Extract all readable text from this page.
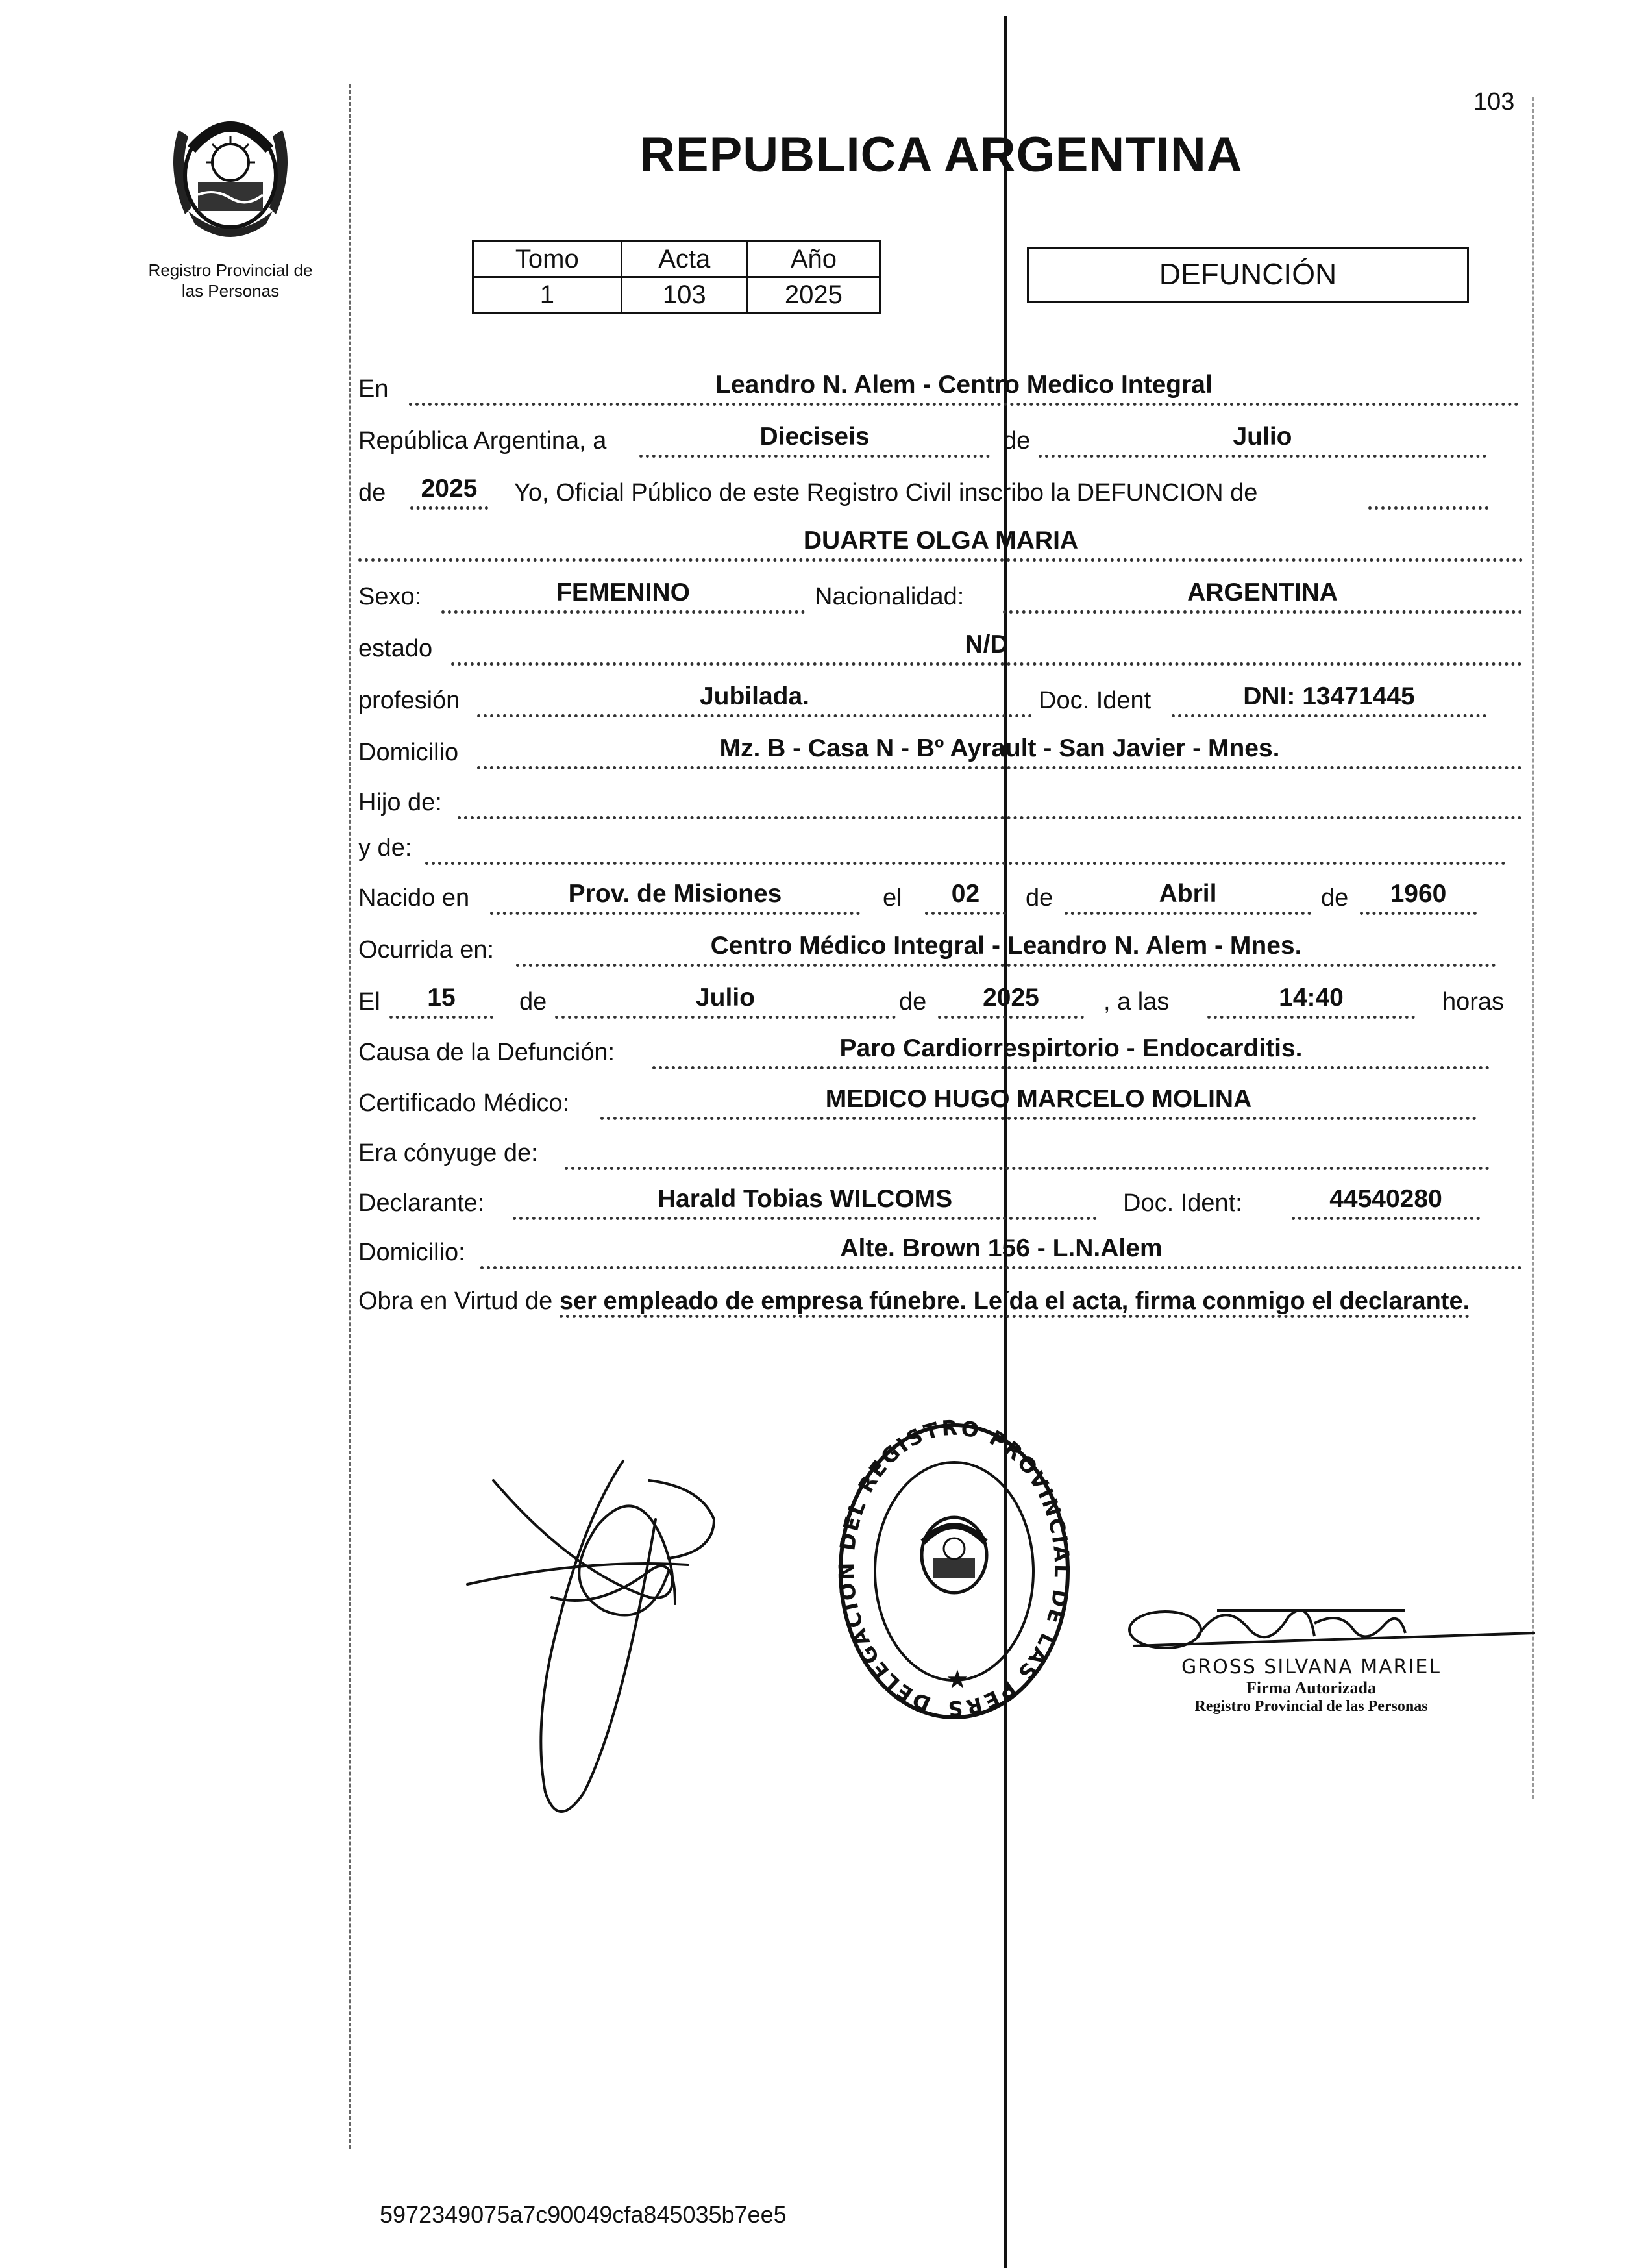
103
Registro Provincial de
las Personas
REPUBLICA ARGENTINA
Tomo	Acta	Año
1	103	2025
DEFUNCIÓN
En	Leandro N. Alem - Centro Medico Integral
República Argentina, a	Dieciseis	de	Julio
de	2025	Yo, Oficial Público de este Registro Civil inscribo la DEFUNCION de
DUARTE OLGA MARIA
Sexo:	FEMENINO	Nacionalidad:	ARGENTINA
estado	N/D
profesión	Jubilada.	Doc. Ident	DNI: 13471445
Domicilio	Mz. B - Casa N - Bº Ayrault - San Javier - Mnes.
Hijo de:
y de:
Nacido en	Prov. de Misiones	el	02	de	Abril	de	1960
Ocurrida en:	Centro Médico Integral - Leandro N. Alem - Mnes.
El	15	de	Julio	de	2025	, a las	14:40	horas
Causa de la Defunción:	Paro Cardiorrespirtorio - Endocarditis.
Certificado Médico:	MEDICO HUGO MARCELO MOLINA
Era cónyuge de:
Declarante:	Harald Tobias WILCOMS	Doc. Ident:	44540280
Domicilio:	Alte. Brown 156 - L.N.Alem
Obra en Virtud de ser empleado de empresa fúnebre. Leída el acta, firma conmigo el declarante.
DELEGACION DEL REGISTRO PROVINCIAL DE LAS PERS
★	GROSS SILVANA MARIEL
Firma Autorizada
Registro Provincial de las Personas
5972349075a7c90049cfa845035b7ee5
